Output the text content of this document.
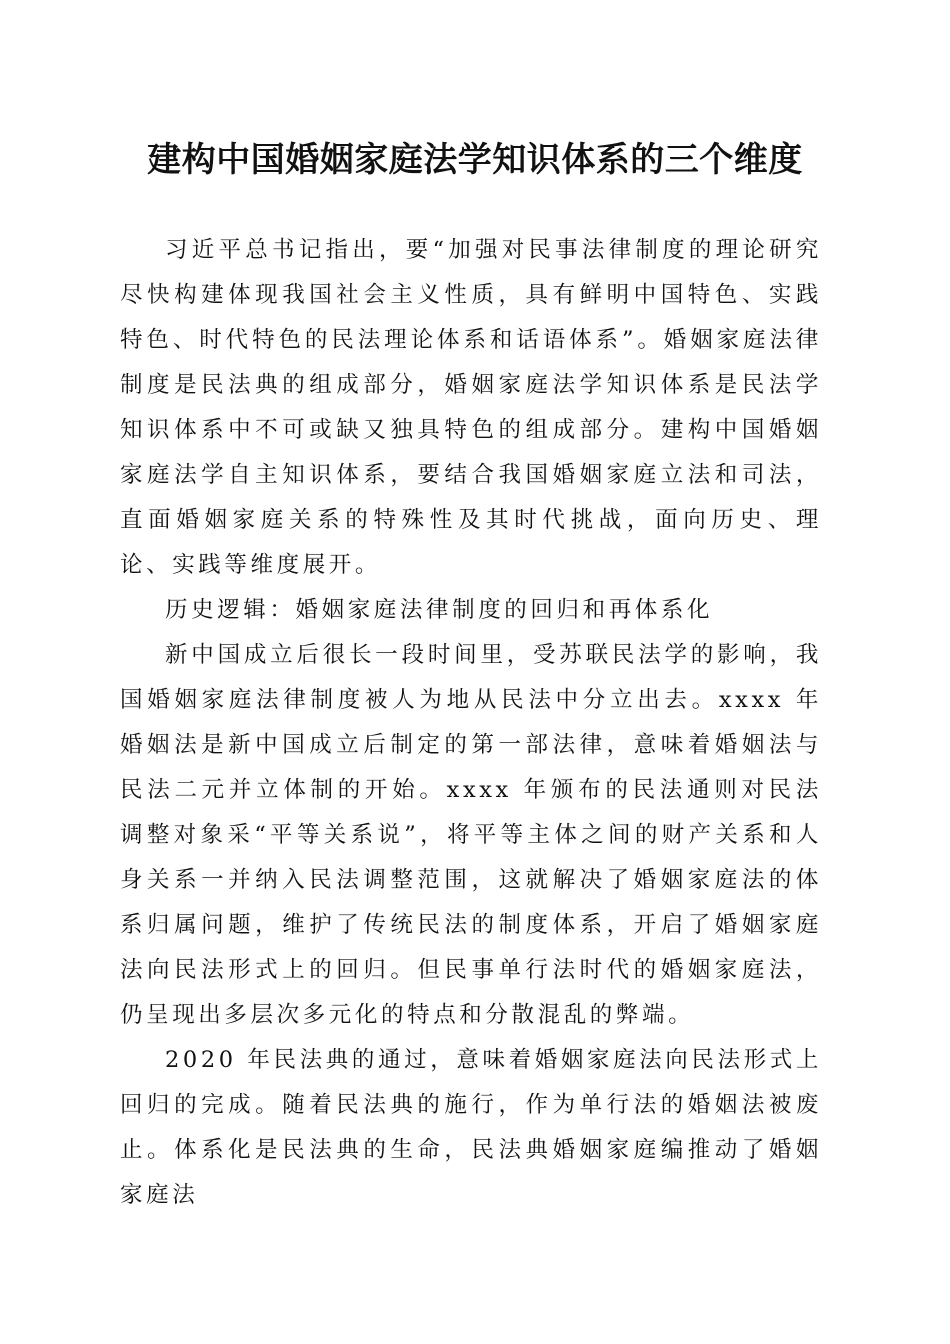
建构中国婚姻家庭法学知识体系的三个维度

习近平总书记指出，要“加强对民事法律制度的理论研究尽快构建体现我国社会主义性质，具有鲜明中国特色、实践特色、时代特色的民法理论体系和话语体系”。婚姻家庭法律制度是民法典的组成部分，婚姻家庭法学知识体系是民法学知识体系中不可或缺又独具特色的组成部分。建构中国婚姻家庭法学自主知识体系，要结合我国婚姻家庭立法和司法，直面婚姻家庭关系的特殊性及其时代挑战，面向历史、理论、实践等维度展开。

历史逻辑：婚姻家庭法律制度的回归和再体系化

新中国成立后很长一段时间里，受苏联民法学的影响，我国婚姻家庭法律制度被人为地从民法中分立出去。xxxx 年婚姻法是新中国成立后制定的第一部法律，意味着婚姻法与民法二元并立体制的开始。xxxx 年颁布的民法通则对民法调整对象采“平等关系说”，将平等主体之间的财产关系和人身关系一并纳入民法调整范围，这就解决了婚姻家庭法的体系归属问题，维护了传统民法的制度体系，开启了婚姻家庭法向民法形式上的回归。但民事单行法时代的婚姻家庭法，仍呈现出多层次多元化的特点和分散混乱的弊端。

2020 年民法典的通过，意味着婚姻家庭法向民法形式上回归的完成。随着民法典的施行，作为单行法的婚姻法被废止。体系化是民法典的生命，民法典婚姻家庭编推动了婚姻家庭法
